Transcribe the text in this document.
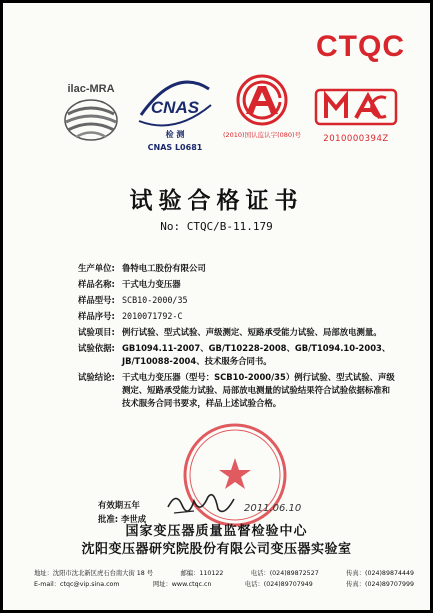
CTQC
ilac-MRA
CNAS
检 测
CNAS L0681
(2010)国认监认字(080)号	2010000394Z
试验合格证书
No: CTQC/B-11.179
生产单位: 鲁特电工股份有限公司
样品名称: 干式电力变压器
样品型号: SCB10-2000/35
样品序号: 2010071792-C
试验项目: 例行试验、型式试验、声级测定、短路承受能力试验、局部放电测量。
试验依据: GB1094.11-2007、GB/T10228-2008、GB/T1094.10-2003、JB/T10088-2004、技术服务合同书。
试验结论: 干式电力变压器（型号：SCB10-2000/35）例行试验、型式试验、声级测定、短路承受能力试验、局部放电测量的试验结果符合试验依据标准和技术服务合同书要求，样品上述试验合格。
有效期五年
批准: 李世成
2011.06.10
国家变压器质量监督检验中心
沈阳变压器研究院股份有限公司变压器实验室
地址：沈阳市沈北新区虎石台南大街 18 号	邮编：110122	电话：(024)89872527	传真：(024)89874449
E-mail：ctqc@vip.sina.com	网址：www.ctqc.cn	电话：(024)89707949	传真：(024)89707999
